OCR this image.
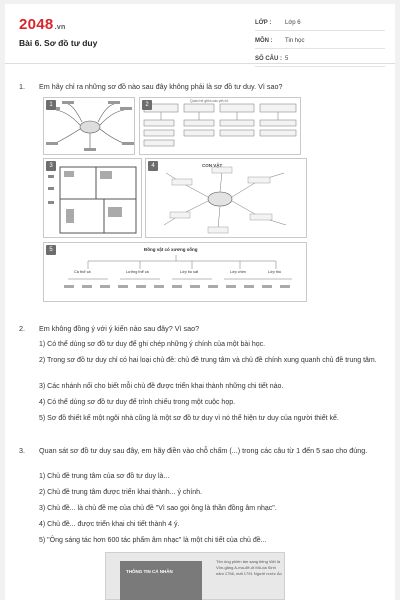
2048.vn
Bài 6. Sơ đồ tư duy
LỚP :	Lớp 6
MÔN :	Tin học
SỐ CÂU : 5
1.	Em hãy chỉ ra những sơ đồ nào sau đây không phải là sơ đồ tư duy. Vì sao?
1
Quan hệ giữa các yếu tố
2
3	CON VẬT
4
Đồng vật có xương sống
Cá thở cá	Lưỡng thể cá	Lớp bò sát	Lớp chim	Lớp thú
5
2.	Em không đồng ý với ý kiến nào sau đây? Vì sao?
1) Có thể dùng sơ đồ tư duy để ghi chép những ý chính của một bài học.
2) Trong sơ đồ tư duy chỉ có hai loại chủ đề: chủ đề trung tâm và chủ đề chính xung quanh chủ đề trung tâm.
3) Các nhánh nối cho biết mỗi chủ đề được triển khai thành những chi tiết nào.
4) Có thể dùng sơ đồ tư duy để trình chiếu trong một cuộc họp.
5) Sơ đồ thiết kế một ngôi nhà cũng là một sơ đồ tư duy vì nó thể hiện tư duy của người thiết kế.
3.	Quan sát sơ đồ tư duy sau đây, em hãy điền vào chỗ chấm (...) trong các câu từ 1 đến 5 sao cho đúng.
1) Chủ đề trung tâm của sơ đồ tư duy là...
2) Chủ đề trung tâm được triển khai thành... ý chính.
3) Chủ đề... là chủ đề mẹ của chủ đề "Vì sao gọi ông là thần đồng âm nhạc".
4) Chủ đề... được triển khai chi tiết thành 4 ý.
5) "Ông sáng tác hơn 600 tác phẩm âm nhạc" là một chi tiết của chủ đề...
THÔNG TIN CÁ NHÂN
Tên ông phiên âm sang tiếng Việt là Vôn-găng A-ma-đê-ốt Mô-da Sinh năm 1756, mất 1791 Người nước Áo
